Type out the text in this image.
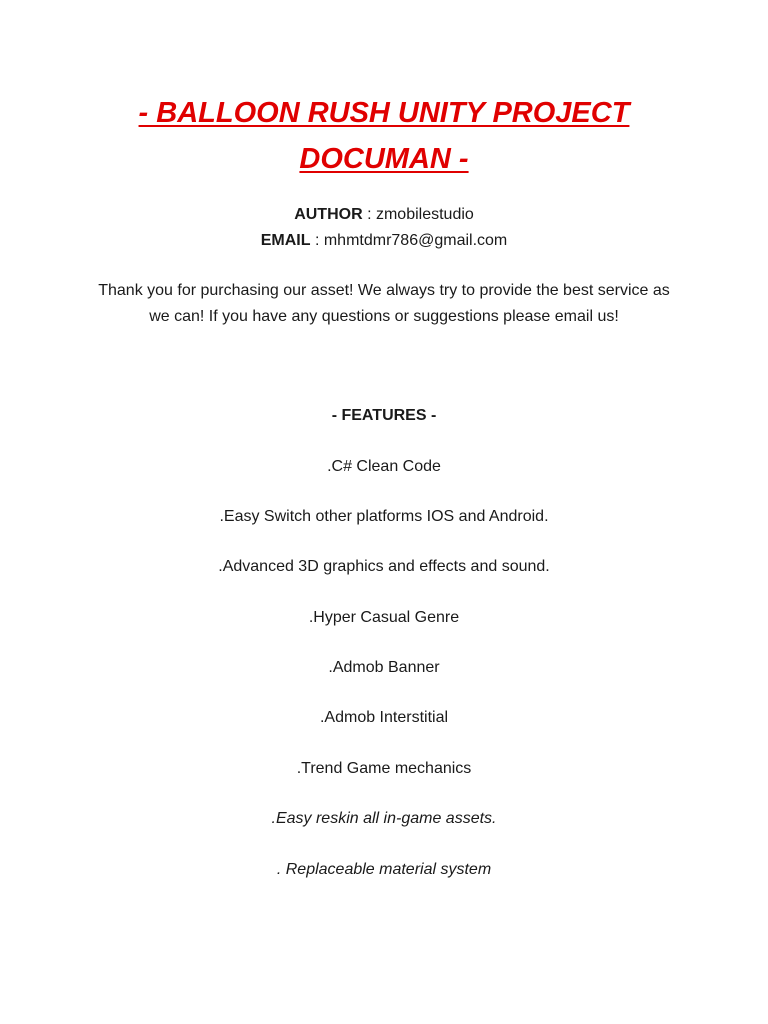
- BALLOON RUSH UNITY PROJECT
DOCUMAN -
AUTHOR : zmobilestudio
EMAIL : mhmtdmr786@gmail.com

Thank you for purchasing our asset! We always try to provide the best service as we can! If you have any questions or suggestions please email us!

- FEATURES -

.C# Clean Code
.Easy Switch other platforms IOS and Android.
.Advanced 3D graphics and effects and sound.
.Hyper Casual Genre
.Admob Banner
.Admob Interstitial
.Trend Game mechanics
.Easy reskin all in-game assets.
. Replaceable material system
